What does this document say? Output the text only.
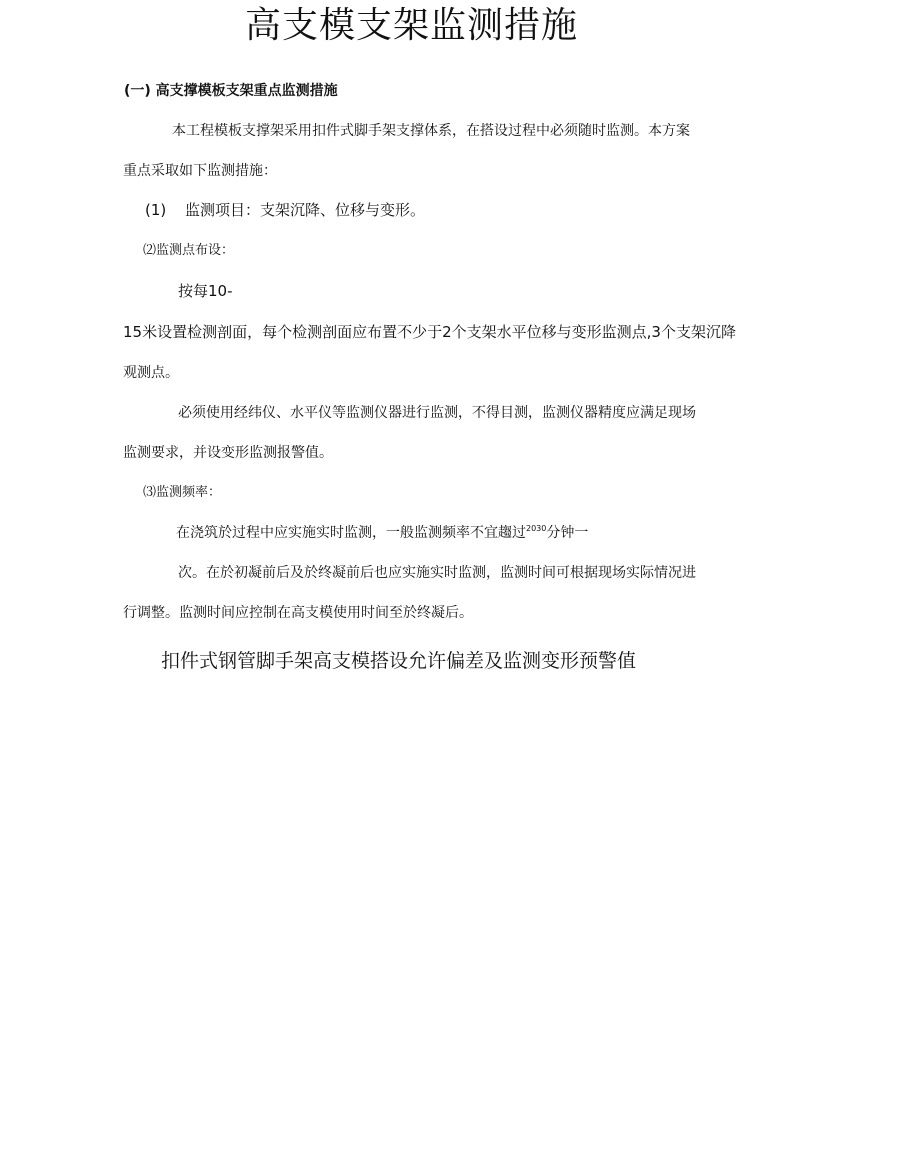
高支模支架监测措施
(一) 高支撑模板支架重点监测措施
本工程模板支撑架采用扣件式脚手架支撑体系，在搭设过程中必须随时监测。本方案
重点采取如下监测措施：
(1) 监测项目：支架沉降、位移与变形。
⑵监测点布设：
按每10-
15米设置检测剖面，每个检测剖面应布置不少于2个支架水平位移与变形监测点,3个支架沉降
观测点。
必须使用经纬仪、水平仪等监测仪器进行监测，不得目测，监测仪器精度应满足现场
监测要求，并设变形监测报警值。
⑶监测频率：
在浇筑於过程中应实施实时监测，一般监测频率不宜趨过$^{2030}$分钟一
次。在於初凝前后及於终凝前后也应实施实时监测，监测时间可根据现场实际情况进
行调整。监测时间应控制在高支模使用时间至於终凝后。
扣件式钢管脚手架高支模搭设允许偏差及监测变形预警值
